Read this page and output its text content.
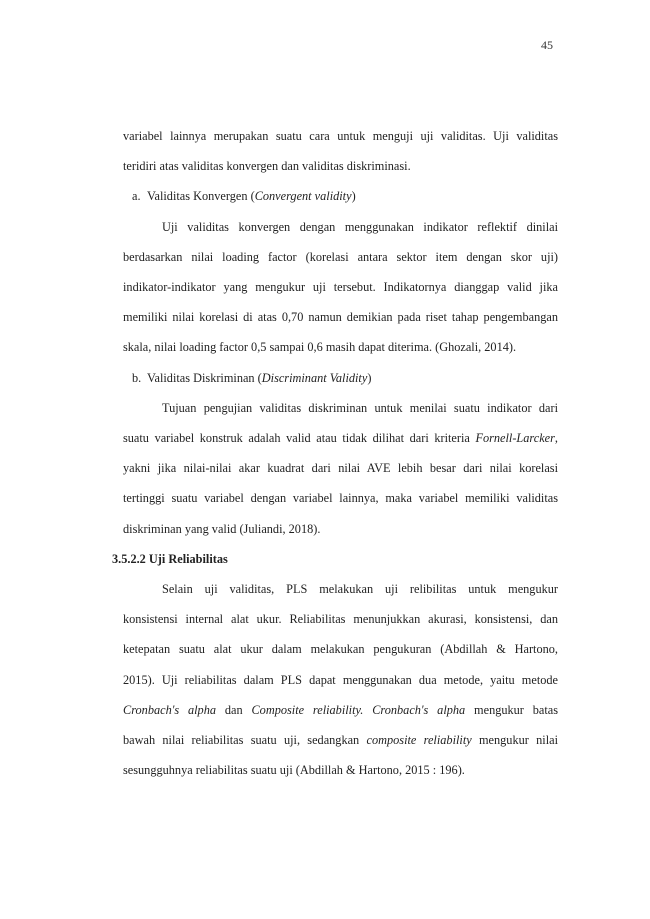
45

variabel lainnya merupakan suatu cara untuk menguji uji validitas. Uji validitas

teridiri atas validitas konvergen dan validitas diskriminasi.

a. Validitas Konvergen (Convergent validity)

Uji validitas konvergen dengan menggunakan indikator reflektif dinilai

berdasarkan nilai loading factor (korelasi antara sektor item dengan skor uji)

indikator-indikator yang mengukur uji tersebut. Indikatornya dianggap valid jika

memiliki nilai korelasi di atas 0,70 namun demikian pada riset tahap pengembangan

skala, nilai loading factor 0,5 sampai 0,6 masih dapat diterima. (Ghozali, 2014).

b. Validitas Diskriminan (Discriminant Validity)

Tujuan pengujian validitas diskriminan untuk menilai suatu indikator dari

suatu variabel konstruk adalah valid atau tidak dilihat dari kriteria Fornell-Larcker,

yakni jika nilai-nilai akar kuadrat dari nilai AVE lebih besar dari nilai korelasi

tertinggi suatu variabel dengan variabel lainnya, maka variabel memiliki validitas

diskriminan yang valid (Juliandi, 2018).

3.5.2.2 Uji Reliabilitas

Selain uji validitas, PLS melakukan uji relibilitas untuk mengukur

konsistensi internal alat ukur. Reliabilitas menunjukkan akurasi, konsistensi, dan

ketepatan suatu alat ukur dalam melakukan pengukuran (Abdillah & Hartono,

2015). Uji reliabilitas dalam PLS dapat menggunakan dua metode, yaitu metode

Cronbach's alpha dan Composite reliability. Cronbach's alpha mengukur batas

bawah nilai reliabilitas suatu uji, sedangkan composite reliability mengukur nilai

sesungguhnya reliabilitas suatu uji (Abdillah & Hartono, 2015 : 196).
